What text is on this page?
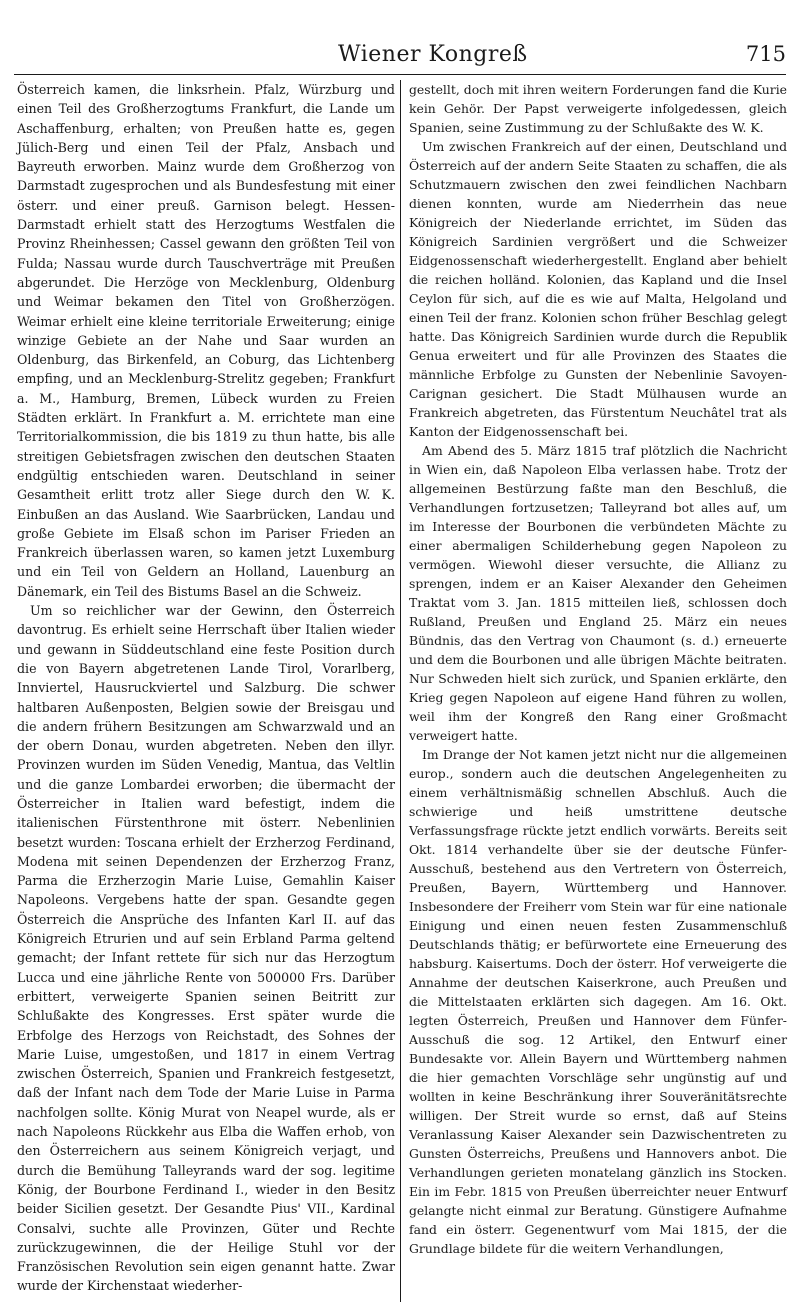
Wiener Kongreß	715

Österreich kamen, die linksrhein. Pfalz, Würzburg und einen Teil des Großherzogtums Frankfurt, die Lande um Aschaffenburg, erhalten; von Preußen hatte es, gegen Jülich-Berg und einen Teil der Pfalz, Ansbach und Bayreuth erworben. Mainz wurde dem Großherzog von Darmstadt zugesprochen und als Bundesfestung mit einer österr. und einer preuß. Garnison belegt. Hessen-Darmstadt erhielt statt des Herzogtums Westfalen die Provinz Rheinhessen; Cassel gewann den größten Teil von Fulda; Nassau wurde durch Tauschverträge mit Preußen abgerundet. Die Herzöge von Mecklenburg, Oldenburg und Weimar bekamen den Titel von Großherzögen. Weimar erhielt eine kleine territoriale Erweiterung; einige winzige Gebiete an der Nahe und Saar wurden an Oldenburg, das Birkenfeld, an Coburg, das Lichtenberg empfing, und an Mecklenburg-Strelitz gegeben; Frankfurt a. M., Hamburg, Bremen, Lübeck wurden zu Freien Städten erklärt. In Frankfurt a. M. errichtete man eine Territorialkommission, die bis 1819 zu thun hatte, bis alle streitigen Gebietsfragen zwischen den deutschen Staaten endgültig entschieden waren. Deutschland in seiner Gesamtheit erlitt trotz aller Siege durch den W. K. Einbußen an das Ausland. Wie Saarbrücken, Landau und große Gebiete im Elsaß schon im Pariser Frieden an Frankreich überlassen waren, so kamen jetzt Luxemburg und ein Teil von Geldern an Holland, Lauenburg an Dänemark, ein Teil des Bistums Basel an die Schweiz.

Um so reichlicher war der Gewinn, den Österreich davontrug. Es erhielt seine Herrschaft über Italien wieder und gewann in Süddeutschland eine feste Position durch die von Bayern abgetretenen Lande Tirol, Vorarlberg, Innviertel, Hausruckviertel und Salzburg. Die schwer haltbaren Außenposten, Belgien sowie der Breisgau und die andern frühern Besitzungen am Schwarzwald und an der obern Donau, wurden abgetreten. Neben den illyr. Provinzen wurden im Süden Venedig, Mantua, das Veltlin und die ganze Lombardei erworben; die übermacht der Österreicher in Italien ward befestigt, indem die italienischen Fürstenthrone mit österr. Nebenlinien besetzt wurden: Toscana erhielt der Erzherzog Ferdinand, Modena mit seinen Dependenzen der Erzherzog Franz, Parma die Erzherzogin Marie Luise, Gemahlin Kaiser Napoleons. Vergebens hatte der span. Gesandte gegen Österreich die Ansprüche des Infanten Karl II. auf das Königreich Etrurien und auf sein Erbland Parma geltend gemacht; der Infant rettete für sich nur das Herzogtum Lucca und eine jährliche Rente von 500000 Frs. Darüber erbittert, verweigerte Spanien seinen Beitritt zur Schlußakte des Kongresses. Erst später wurde die Erbfolge des Herzogs von Reichstadt, des Sohnes der Marie Luise, umgestoßen, und 1817 in einem Vertrag zwischen Österreich, Spanien und Frankreich festgesetzt, daß der Infant nach dem Tode der Marie Luise in Parma nachfolgen sollte. König Murat von Neapel wurde, als er nach Napoleons Rückkehr aus Elba die Waffen erhob, von den Österreichern aus seinem Königreich verjagt, und durch die Bemühung Talleyrands ward der sog. legitime König, der Bourbone Ferdinand I., wieder in den Besitz beider Sicilien gesetzt. Der Gesandte Pius' VII., Kardinal Consalvi, suchte alle Provinzen, Güter und Rechte zurückzugewinnen, die der Heilige Stuhl vor der Französischen Revolution sein eigen genannt hatte. Zwar wurde der Kirchenstaat wiederher-

gestellt, doch mit ihren weitern Forderungen fand die Kurie kein Gehör. Der Papst verweigerte infolgedessen, gleich Spanien, seine Zustimmung zu der Schlußakte des W. K.

Um zwischen Frankreich auf der einen, Deutschland und Österreich auf der andern Seite Staaten zu schaffen, die als Schutzmauern zwischen den zwei feindlichen Nachbarn dienen konnten, wurde am Niederrhein das neue Königreich der Niederlande errichtet, im Süden das Königreich Sardinien vergrößert und die Schweizer Eidgenossenschaft wiederhergestellt. England aber behielt die reichen holländ. Kolonien, das Kapland und die Insel Ceylon für sich, auf die es wie auf Malta, Helgoland und einen Teil der franz. Kolonien schon früher Beschlag gelegt hatte. Das Königreich Sardinien wurde durch die Republik Genua erweitert und für alle Provinzen des Staates die männliche Erbfolge zu Gunsten der Nebenlinie Savoyen-Carignan gesichert. Die Stadt Mülhausen wurde an Frankreich abgetreten, das Fürstentum Neuchâtel trat als Kanton der Eidgenossenschaft bei.

Am Abend des 5. März 1815 traf plötzlich die Nachricht in Wien ein, daß Napoleon Elba verlassen habe. Trotz der allgemeinen Bestürzung faßte man den Beschluß, die Verhandlungen fortzusetzen; Talleyrand bot alles auf, um im Interesse der Bourbonen die verbündeten Mächte zu einer abermaligen Schilderhebung gegen Napoleon zu vermögen. Wiewohl dieser versuchte, die Allianz zu sprengen, indem er an Kaiser Alexander den Geheimen Traktat vom 3. Jan. 1815 mitteilen ließ, schlossen doch Rußland, Preußen und England 25. März ein neues Bündnis, das den Vertrag von Chaumont (s. d.) erneuerte und dem die Bourbonen und alle übrigen Mächte beitraten. Nur Schweden hielt sich zurück, und Spanien erklärte, den Krieg gegen Napoleon auf eigene Hand führen zu wollen, weil ihm der Kongreß den Rang einer Großmacht verweigert hatte.

Im Drange der Not kamen jetzt nicht nur die allgemeinen europ., sondern auch die deutschen Angelegenheiten zu einem verhältnismäßig schnellen Abschluß. Auch die schwierige und heiß umstrittene deutsche Verfassungsfrage rückte jetzt endlich vorwärts. Bereits seit Okt. 1814 verhandelte über sie der deutsche Fünfer-Ausschuß, bestehend aus den Vertretern von Österreich, Preußen, Bayern, Württemberg und Hannover. Insbesondere der Freiherr vom Stein war für eine nationale Einigung und einen neuen festen Zusammenschluß Deutschlands thätig; er befürwortete eine Erneuerung des habsburg. Kaisertums. Doch der österr. Hof verweigerte die Annahme der deutschen Kaiserkrone, auch Preußen und die Mittelstaaten erklärten sich dagegen. Am 16. Okt. legten Österreich, Preußen und Hannover dem Fünfer-Ausschuß die sog. 12 Artikel, den Entwurf einer Bundesakte vor. Allein Bayern und Württemberg nahmen die hier gemachten Vorschläge sehr ungünstig auf und wollten in keine Beschränkung ihrer Souveränitätsrechte willigen. Der Streit wurde so ernst, daß auf Steins Veranlassung Kaiser Alexander sein Dazwischentreten zu Gunsten Österreichs, Preußens und Hannovers anbot. Die Verhandlungen gerieten monatelang gänzlich ins Stocken. Ein im Febr. 1815 von Preußen überreichter neuer Entwurf gelangte nicht einmal zur Beratung. Günstigere Aufnahme fand ein österr. Gegenentwurf vom Mai 1815, der die Grundlage bildete für die weitern Verhandlungen,
